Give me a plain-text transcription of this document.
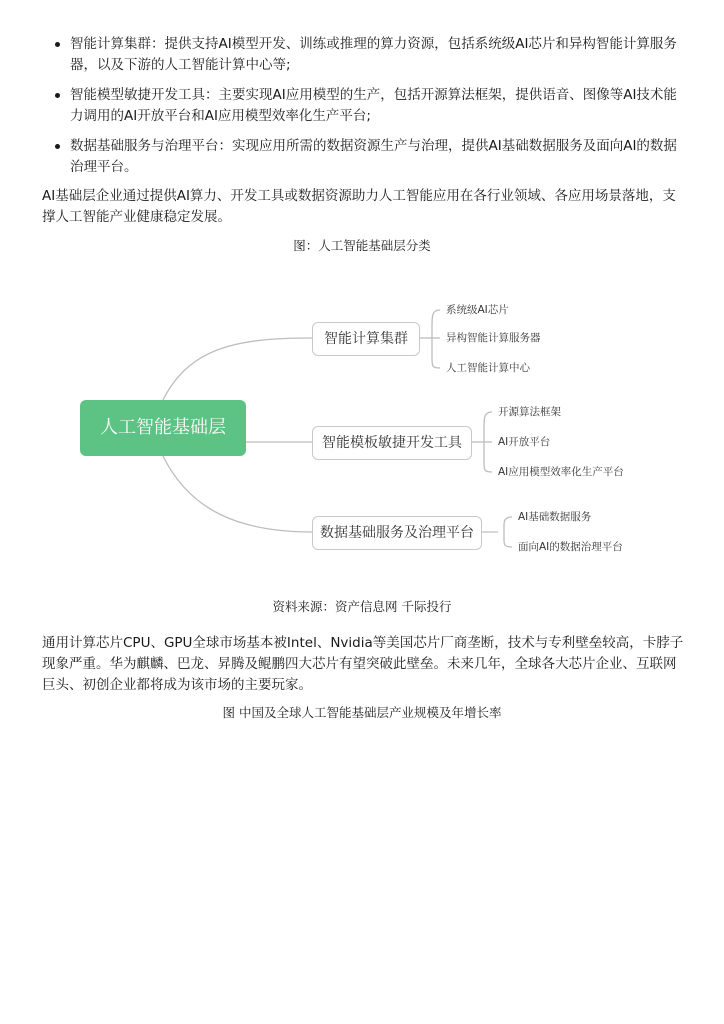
智能计算集群：提供支持AI模型开发、训练或推理的算力资源，包括系统级AI芯片和异构智能计算服务器，以及下游的人工智能计算中心等;
智能模型敏捷开发工具：主要实现AI应用模型的生产，包括开源算法框架，提供语音、图像等AI技术能力调用的AI开放平台和AI应用模型效率化生产平台;
数据基础服务与治理平台：实现应用所需的数据资源生产与治理，提供AI基础数据服务及面向AI的数据治理平台。

AI基础层企业通过提供AI算力、开发工具或数据资源助力人工智能应用在各行业领域、各应用场景落地，支撑人工智能产业健康稳定发展。

图：人工智能基础层分类

人工智能基础层
智能计算集群
智能模板敏捷开发工具
数据基础服务及治理平台
系统级AI芯片
异构智能计算服务器
人工智能计算中心
开源算法框架
AI开放平台
AI应用模型效率化生产平台
AI基础数据服务
面向AI的数据治理平台

资料来源：资产信息网 千际投行

通用计算芯片CPU、GPU全球市场基本被Intel、Nvidia等美国芯片厂商垄断，技术与专利壁垒较高，卡脖子现象严重。华为麒麟、巴龙、昇腾及鲲鹏四大芯片有望突破此壁垒。未来几年，全球各大芯片企业、互联网巨头、初创企业都将成为该市场的主要玩家。

图 中国及全球人工智能基础层产业规模及年增长率
